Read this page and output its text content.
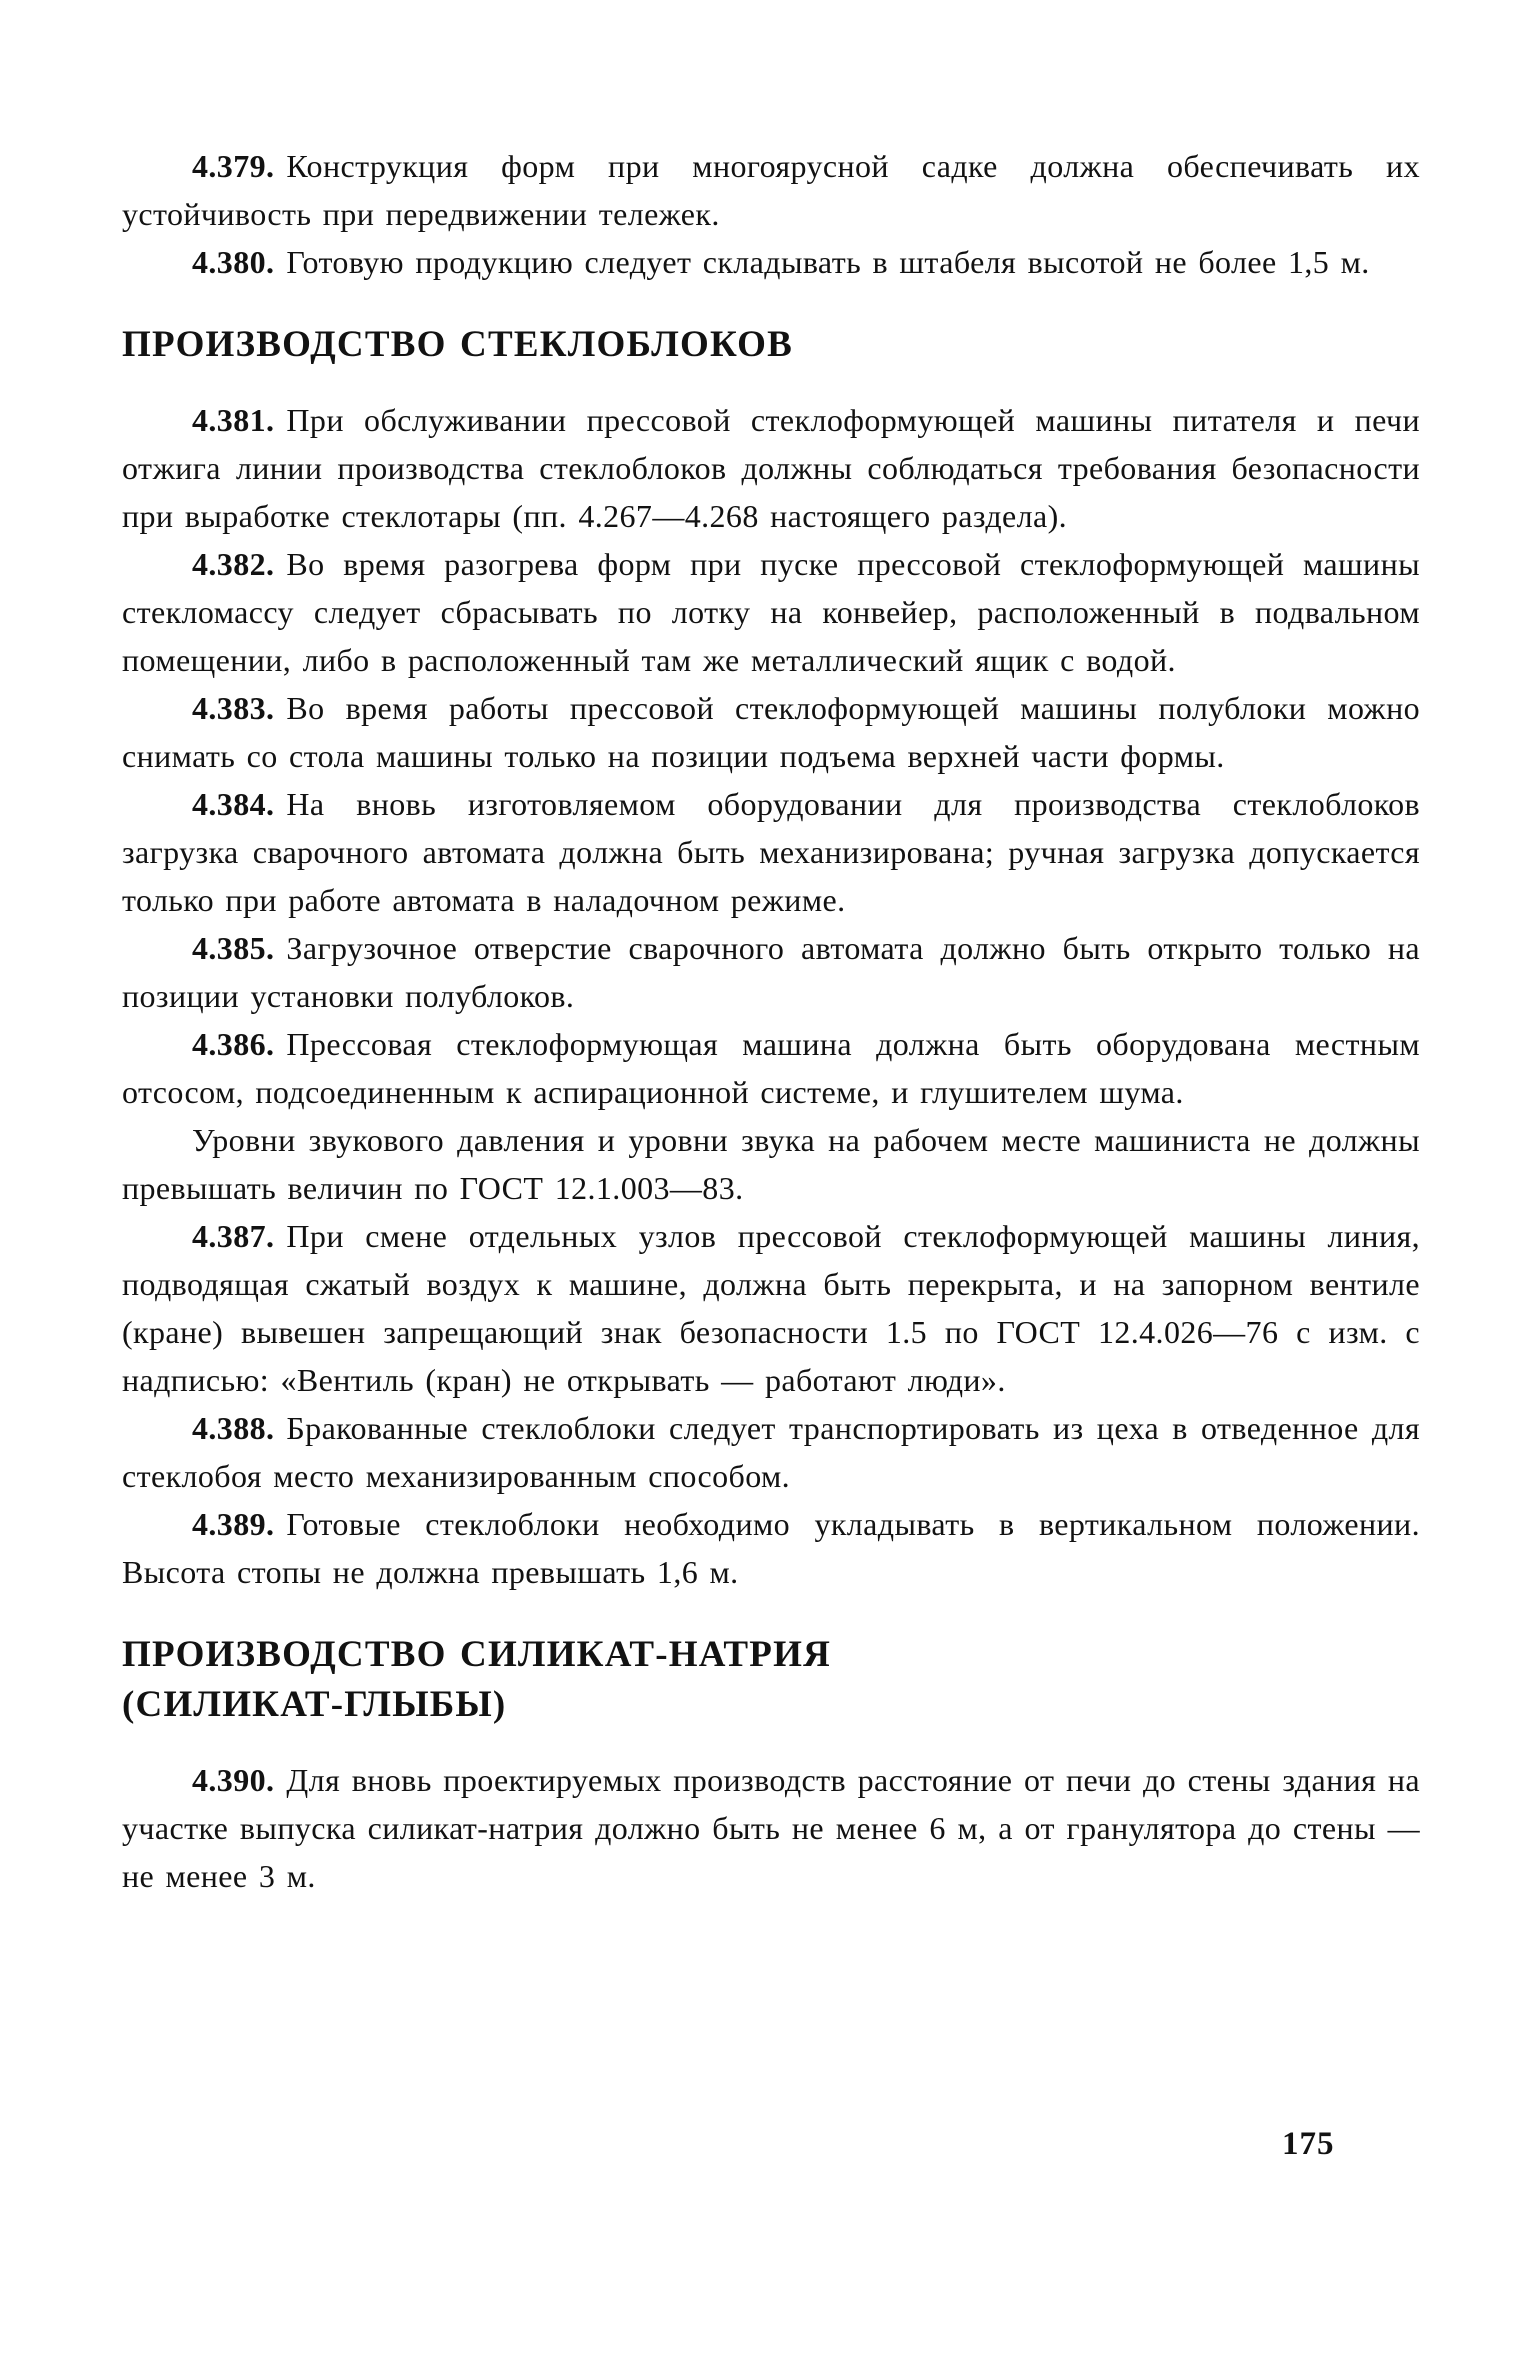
4.379. Конструкция форм при многоярусной садке должна обеспечивать их устойчивость при передвижении тележек.

4.380. Готовую продукцию следует складывать в штабеля высотой не более 1,5 м.

ПРОИЗВОДСТВО СТЕКЛОБЛОКОВ

4.381. При обслуживании прессовой стеклоформующей машины питателя и печи отжига линии производства стеклоблоков должны соблюдаться требования безопасности при выработке стеклотары (пп. 4.267—4.268 настоящего раздела).

4.382. Во время разогрева форм при пуске прессовой стеклоформующей машины стекломассу следует сбрасывать по лотку на конвейер, расположенный в подвальном помещении, либо в расположенный там же металлический ящик с водой.

4.383. Во время работы прессовой стеклоформующей машины полублоки можно снимать со стола машины только на позиции подъема верхней части формы.

4.384. На вновь изготовляемом оборудовании для производства стеклоблоков загрузка сварочного автомата должна быть механизирована; ручная загрузка допускается только при работе автомата в наладочном режиме.

4.385. Загрузочное отверстие сварочного автомата должно быть открыто только на позиции установки полублоков.

4.386. Прессовая стеклоформующая машина должна быть оборудована местным отсосом, подсоединенным к аспирационной системе, и глушителем шума.

Уровни звукового давления и уровни звука на рабочем месте машиниста не должны превышать величин по ГОСТ 12.1.003—83.

4.387. При смене отдельных узлов прессовой стеклоформующей машины линия, подводящая сжатый воздух к машине, должна быть перекрыта, и на запорном вентиле (кране) вывешен запрещающий знак безопасности 1.5 по ГОСТ 12.4.026—76 с изм. с надписью: «Вентиль (кран) не открывать — работают люди».

4.388. Бракованные стеклоблоки следует транспортировать из цеха в отведенное для стеклобоя место механизированным способом.

4.389. Готовые стеклоблоки необходимо укладывать в вертикальном положении. Высота стопы не должна превышать 1,6 м.

ПРОИЗВОДСТВО СИЛИКАТ-НАТРИЯ
(СИЛИКАТ-ГЛЫБЫ)

4.390. Для вновь проектируемых производств расстояние от печи до стены здания на участке выпуска силикат-натрия должно быть не менее 6 м, а от гранулятора до стены — не менее 3 м.

175
